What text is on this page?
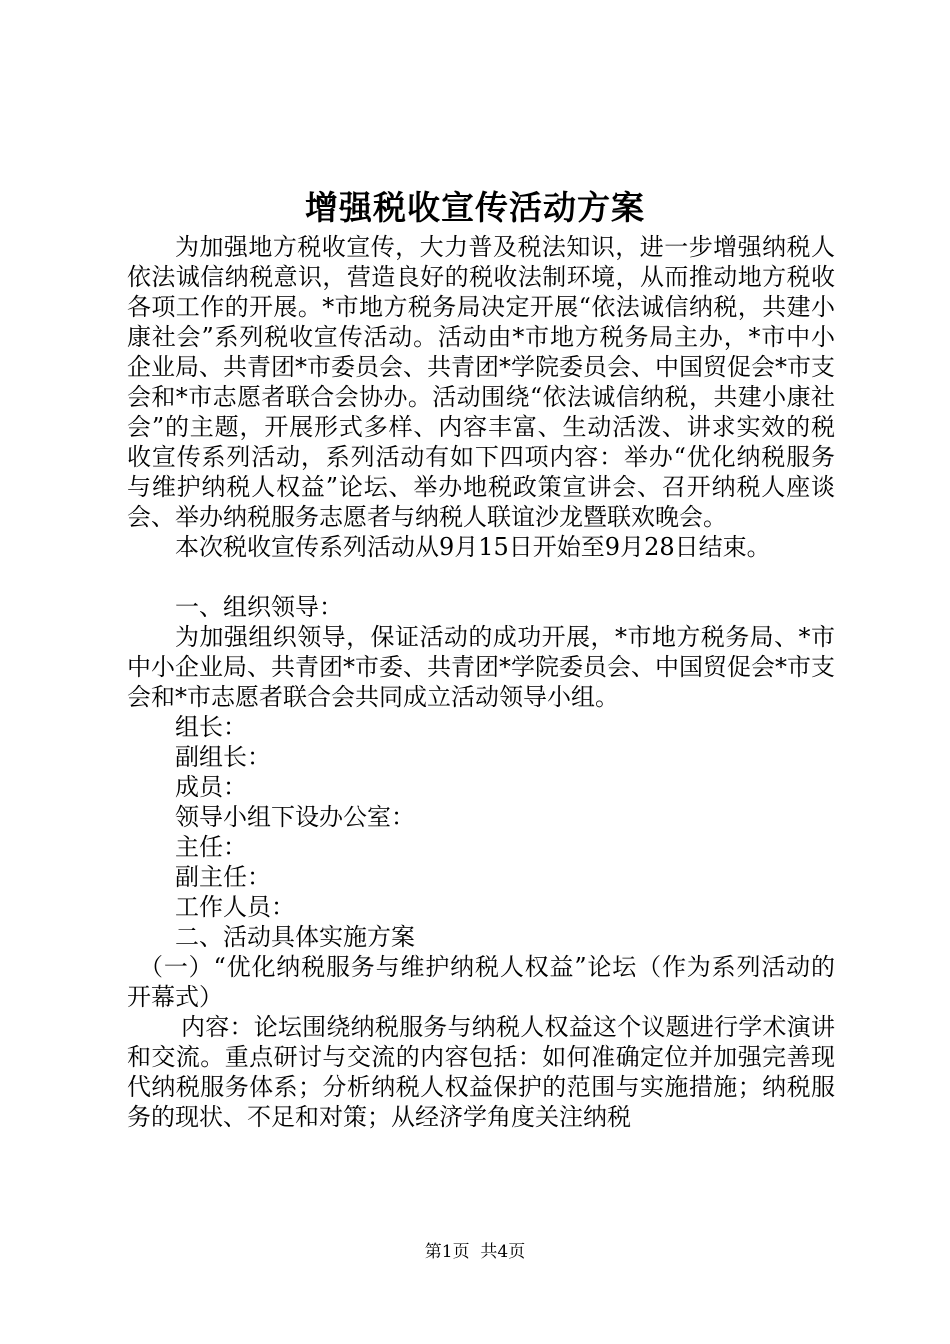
增强税收宣传活动方案

为加强地方税收宣传，大力普及税法知识，进一步增强纳税人依法诚信纳税意识，营造良好的税收法制环境，从而推动地方税收各项工作的开展。*市地方税务局决定开展“依法诚信纳税，共建小康社会”系列税收宣传活动。活动由*市地方税务局主办，*市中小企业局、共青团*市委员会、共青团*学院委员会、中国贸促会*市支会和*市志愿者联合会协办。活动围绕“依法诚信纳税，共建小康社会”的主题，开展形式多样、内容丰富、生动活泼、讲求实效的税收宣传系列活动，系列活动有如下四项内容：举办“优化纳税服务与维护纳税人权益”论坛、举办地税政策宣讲会、召开纳税人座谈会、举办纳税服务志愿者与纳税人联谊沙龙暨联欢晚会。

本次税收宣传系列活动从9月15日开始至9月28日结束。

一、组织领导：

为加强组织领导，保证活动的成功开展，*市地方税务局、*市中小企业局、共青团*市委、共青团*学院委员会、中国贸促会*市支会和*市志愿者联合会共同成立活动领导小组。

组长：

副组长：

成员：

领导小组下设办公室：

主任：

副主任：

工作人员：

二、活动具体实施方案

（一）“优化纳税服务与维护纳税人权益”论坛（作为系列活动的开幕式）

内容：论坛围绕纳税服务与纳税人权益这个议题进行学术演讲和交流。重点研讨与交流的内容包括：如何准确定位并加强完善现代纳税服务体系；分析纳税人权益保护的范围与实施措施；纳税服务的现状、不足和对策；从经济学角度关注纳税

第1页 共4页
